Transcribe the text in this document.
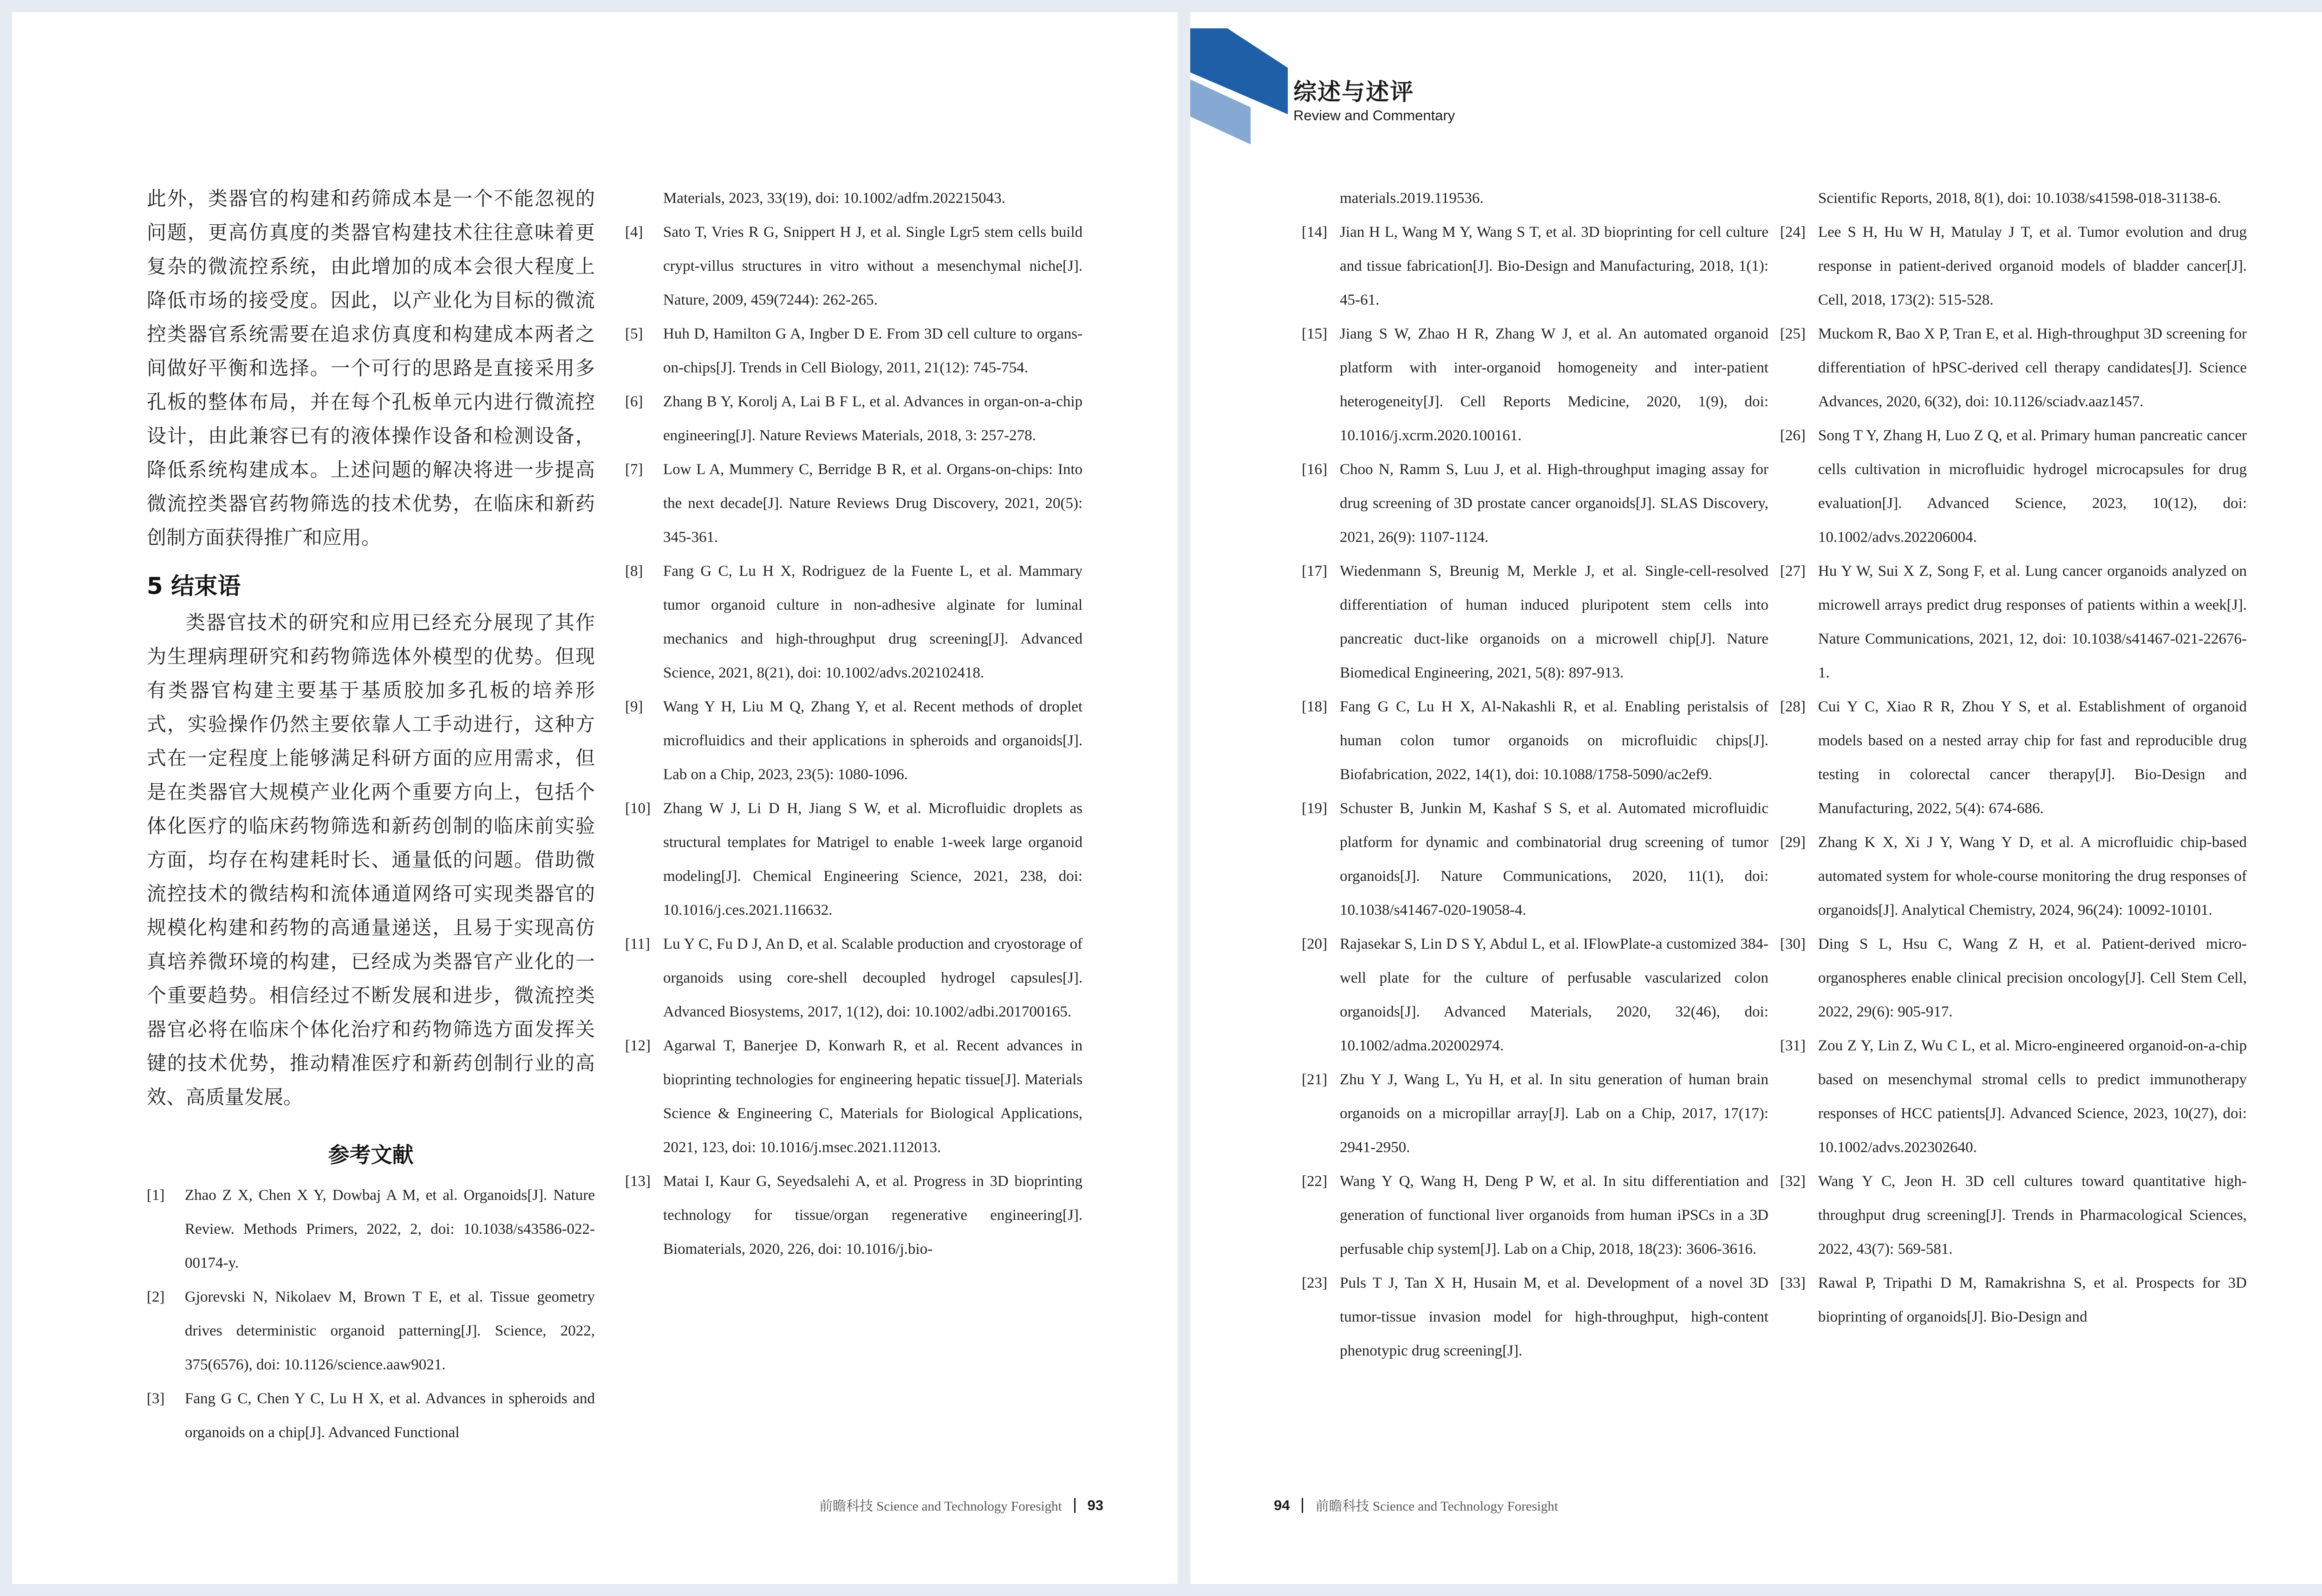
此外，类器官的构建和药筛成本是一个不能忽视的问题，更高仿真度的类器官构建技术往往意味着更复杂的微流控系统，由此增加的成本会很大程度上降低市场的接受度。因此，以产业化为目标的微流控类器官系统需要在追求仿真度和构建成本两者之间做好平衡和选择。一个可行的思路是直接采用多孔板的整体布局，并在每个孔板单元内进行微流控设计，由此兼容已有的液体操作设备和检测设备，降低系统构建成本。上述问题的解决将进一步提高微流控类器官药物筛选的技术优势，在临床和新药创制方面获得推广和应用。

5 结束语

类器官技术的研究和应用已经充分展现了其作为生理病理研究和药物筛选体外模型的优势。但现有类器官构建主要基于基质胶加多孔板的培养形式，实验操作仍然主要依靠人工手动进行，这种方式在一定程度上能够满足科研方面的应用需求，但是在类器官大规模产业化两个重要方向上，包括个体化医疗的临床药物筛选和新药创制的临床前实验方面，均存在构建耗时长、通量低的问题。借助微流控技术的微结构和流体通道网络可实现类器官的规模化构建和药物的高通量递送，且易于实现高仿真培养微环境的构建，已经成为类器官产业化的一个重要趋势。相信经过不断发展和进步，微流控类器官必将在临床个体化治疗和药物筛选方面发挥关键的技术优势，推动精准医疗和新药创制行业的高效、高质量发展。

参考文献
[1]	Zhao Z X, Chen X Y, Dowbaj A M, et al. Organoids[J]. Nature Review. Methods Primers, 2022, 2, doi: 10.1038/s43586-022-00174-y.
[2]	Gjorevski N, Nikolaev M, Brown T E, et al. Tissue geometry drives deterministic organoid patterning[J]. Science, 2022, 375(6576), doi: 10.1126/science.aaw9021.
[3]	Fang G C, Chen Y C, Lu H X, et al. Advances in spheroids and organoids on a chip[J]. Advanced Functional
Materials, 2023, 33(19), doi: 10.1002/adfm.202215043.
[4]	Sato T, Vries R G, Snippert H J, et al. Single Lgr5 stem cells build crypt-villus structures in vitro without a mesenchymal niche[J]. Nature, 2009, 459(7244): 262-265.
[5]	Huh D, Hamilton G A, Ingber D E. From 3D cell culture to organs-on-chips[J]. Trends in Cell Biology, 2011, 21(12): 745-754.
[6]	Zhang B Y, Korolj A, Lai B F L, et al. Advances in organ-on-a-chip engineering[J]. Nature Reviews Materials, 2018, 3: 257-278.
[7]	Low L A, Mummery C, Berridge B R, et al. Organs-on-chips: Into the next decade[J]. Nature Reviews Drug Discovery, 2021, 20(5): 345-361.
[8]	Fang G C, Lu H X, Rodriguez de la Fuente L, et al. Mammary tumor organoid culture in non-adhesive alginate for luminal mechanics and high-throughput drug screening[J]. Advanced Science, 2021, 8(21), doi: 10.1002/advs.202102418.
[9]	Wang Y H, Liu M Q, Zhang Y, et al. Recent methods of droplet microfluidics and their applications in spheroids and organoids[J]. Lab on a Chip, 2023, 23(5): 1080-1096.
[10] Zhang W J, Li D H, Jiang S W, et al. Microfluidic droplets as structural templates for Matrigel to enable 1-week large organoid modeling[J]. Chemical Engineering Science, 2021, 238, doi: 10.1016/j.ces.2021.116632.
[11] Lu Y C, Fu D J, An D, et al. Scalable production and cryostorage of organoids using core-shell decoupled hydrogel capsules[J]. Advanced Biosystems, 2017, 1(12), doi: 10.1002/adbi.201700165.
[12] Agarwal T, Banerjee D, Konwarh R, et al. Recent advances in bioprinting technologies for engineering hepatic tissue[J]. Materials Science & Engineering C, Materials for Biological Applications, 2021, 123, doi: 10.1016/j.msec.2021.112013.
[13] Matai I, Kaur G, Seyedsalehi A, et al. Progress in 3D bioprinting technology for tissue/organ regenerative engineering[J]. Biomaterials, 2020, 226, doi: 10.1016/j.bio-
前瞻科技 Science and Technology Foresight 93
综述与述评
Review and Commentary
materials.2019.119536.
[14] Jian H L, Wang M Y, Wang S T, et al. 3D bioprinting for cell culture and tissue fabrication[J]. Bio-Design and Manufacturing, 2018, 1(1): 45-61.
[15] Jiang S W, Zhao H R, Zhang W J, et al. An automated organoid platform with inter-organoid homogeneity and inter-patient heterogeneity[J]. Cell Reports Medicine, 2020, 1(9), doi: 10.1016/j.xcrm.2020.100161.
[16] Choo N, Ramm S, Luu J, et al. High-throughput imaging assay for drug screening of 3D prostate cancer organoids[J]. SLAS Discovery, 2021, 26(9): 1107-1124.
[17] Wiedenmann S, Breunig M, Merkle J, et al. Single-cell-resolved differentiation of human induced pluripotent stem cells into pancreatic duct-like organoids on a microwell chip[J]. Nature Biomedical Engineering, 2021, 5(8): 897-913.
[18] Fang G C, Lu H X, Al-Nakashli R, et al. Enabling peristalsis of human colon tumor organoids on microfluidic chips[J]. Biofabrication, 2022, 14(1), doi: 10.1088/1758-5090/ac2ef9.
[19] Schuster B, Junkin M, Kashaf S S, et al. Automated microfluidic platform for dynamic and combinatorial drug screening of tumor organoids[J]. Nature Communications, 2020, 11(1), doi: 10.1038/s41467-020-19058-4.
[20] Rajasekar S, Lin D S Y, Abdul L, et al. IFlowPlate-a customized 384-well plate for the culture of perfusable vascularized colon organoids[J]. Advanced Materials, 2020, 32(46), doi: 10.1002/adma.202002974.
[21] Zhu Y J, Wang L, Yu H, et al. In situ generation of human brain organoids on a micropillar array[J]. Lab on a Chip, 2017, 17(17): 2941-2950.
[22] Wang Y Q, Wang H, Deng P W, et al. In situ differentiation and generation of functional liver organoids from human iPSCs in a 3D perfusable chip system[J]. Lab on a Chip, 2018, 18(23): 3606-3616.
[23] Puls T J, Tan X H, Husain M, et al. Development of a novel 3D tumor-tissue invasion model for high-throughput, high-content phenotypic drug screening[J].
Scientific Reports, 2018, 8(1), doi: 10.1038/s41598-018-31138-6.
[24] Lee S H, Hu W H, Matulay J T, et al. Tumor evolution and drug response in patient-derived organoid models of bladder cancer[J]. Cell, 2018, 173(2): 515-528.
[25] Muckom R, Bao X P, Tran E, et al. High-throughput 3D screening for differentiation of hPSC-derived cell therapy candidates[J]. Science Advances, 2020, 6(32), doi: 10.1126/sciadv.aaz1457.
[26] Song T Y, Zhang H, Luo Z Q, et al. Primary human pancreatic cancer cells cultivation in microfluidic hydrogel microcapsules for drug evaluation[J]. Advanced Science, 2023, 10(12), doi: 10.1002/advs.202206004.
[27] Hu Y W, Sui X Z, Song F, et al. Lung cancer organoids analyzed on microwell arrays predict drug responses of patients within a week[J]. Nature Communications, 2021, 12, doi: 10.1038/s41467-021-22676-1.
[28] Cui Y C, Xiao R R, Zhou Y S, et al. Establishment of organoid models based on a nested array chip for fast and reproducible drug testing in colorectal cancer therapy[J]. Bio-Design and Manufacturing, 2022, 5(4): 674-686.
[29] Zhang K X, Xi J Y, Wang Y D, et al. A microfluidic chip-based automated system for whole-course monitoring the drug responses of organoids[J]. Analytical Chemistry, 2024, 96(24): 10092-10101.
[30] Ding S L, Hsu C, Wang Z H, et al. Patient-derived micro-organospheres enable clinical precision oncology[J]. Cell Stem Cell, 2022, 29(6): 905-917.
[31] Zou Z Y, Lin Z, Wu C L, et al. Micro-engineered organoid-on-a-chip based on mesenchymal stromal cells to predict immunotherapy responses of HCC patients[J]. Advanced Science, 2023, 10(27), doi: 10.1002/advs.202302640.
[32] Wang Y C, Jeon H. 3D cell cultures toward quantitative high-throughput drug screening[J]. Trends in Pharmacological Sciences, 2022, 43(7): 569-581.
[33] Rawal P, Tripathi D M, Ramakrishna S, et al. Prospects for 3D bioprinting of organoids[J]. Bio-Design and
94 前瞻科技 Science and Technology Foresight
